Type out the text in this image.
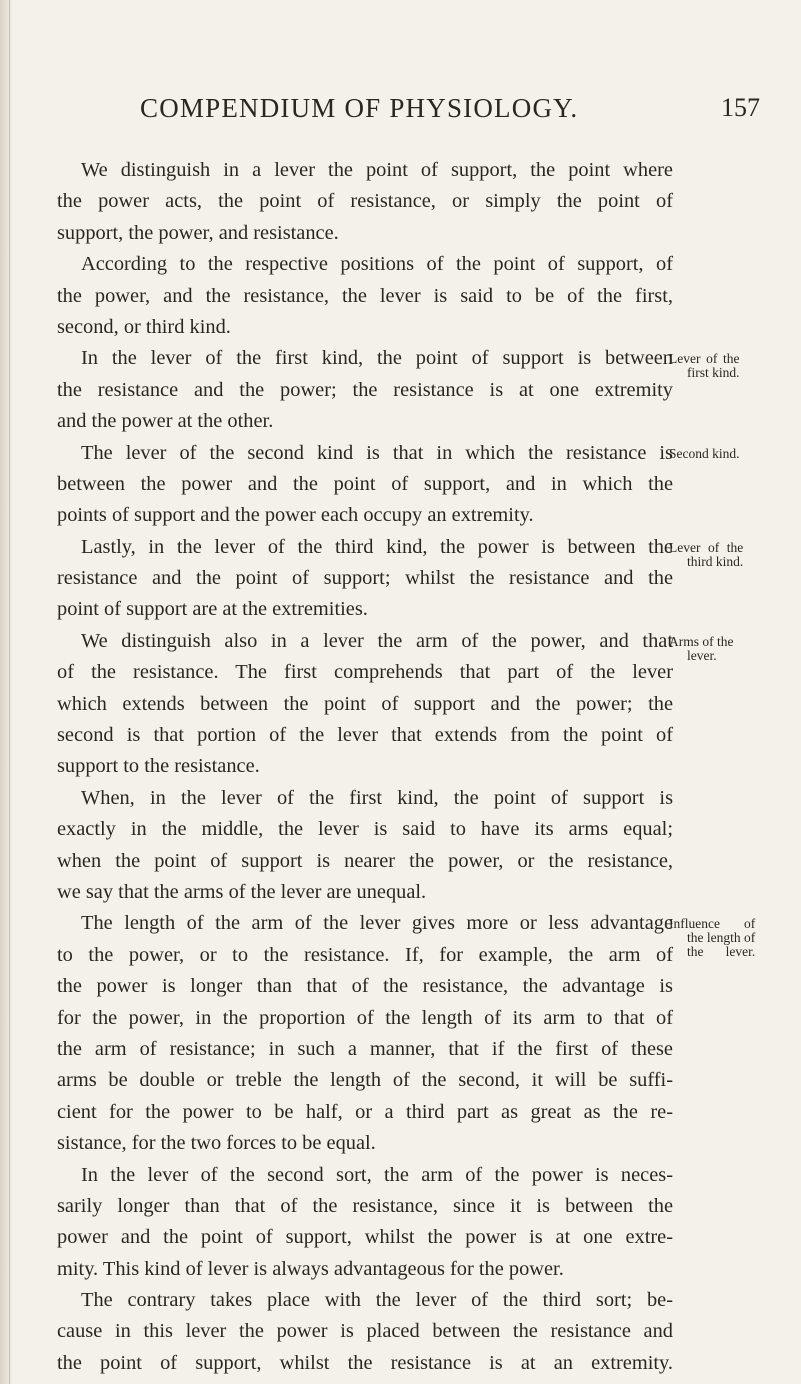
COMPENDIUM OF PHYSIOLOGY.	157
We distinguish in a lever the point of support, the point where
the power acts, the point of resistance, or simply the point of
support, the power, and resistance.
According to the respective positions of the point of support, of
the power, and the resistance, the lever is said to be of the first,
second, or third kind.
In the lever of the first kind, the point of support is between
Lever of the
first kind.
the resistance and the power; the resistance is at one extremity
and the power at the other.
The lever of the second kind is that in which the resistance is
Second kind.
between the power and the point of support, and in which the
points of support and the power each occupy an extremity.
Lastly, in the lever of the third kind, the power is between the
Lever of the
third kind.
resistance and the point of support; whilst the resistance and the
point of support are at the extremities.
We distinguish also in a lever the arm of the power, and that
Arms of the
lever.
of the resistance. The first comprehends that part of the lever
which extends between the point of support and the power; the
second is that portion of the lever that extends from the point of
support to the resistance.
When, in the lever of the first kind, the point of support is
exactly in the middle, the lever is said to have its arms equal;
when the point of support is nearer the power, or the resistance,
we say that the arms of the lever are unequal.
The length of the arm of the lever gives more or less advantage
Influence of
the length of
the lever.
to the power, or to the resistance. If, for example, the arm of
the power is longer than that of the resistance, the advantage is
for the power, in the proportion of the length of its arm to that of
the arm of resistance; in such a manner, that if the first of these
arms be double or treble the length of the second, it will be suffi-
cient for the power to be half, or a third part as great as the re-
sistance, for the two forces to be equal.
In the lever of the second sort, the arm of the power is neces-
sarily longer than that of the resistance, since it is between the
power and the point of support, whilst the power is at one extre-
mity. This kind of lever is always advantageous for the power.
The contrary takes place with the lever of the third sort; be-
cause in this lever the power is placed between the resistance and
the point of support, whilst the resistance is at an extremity.
